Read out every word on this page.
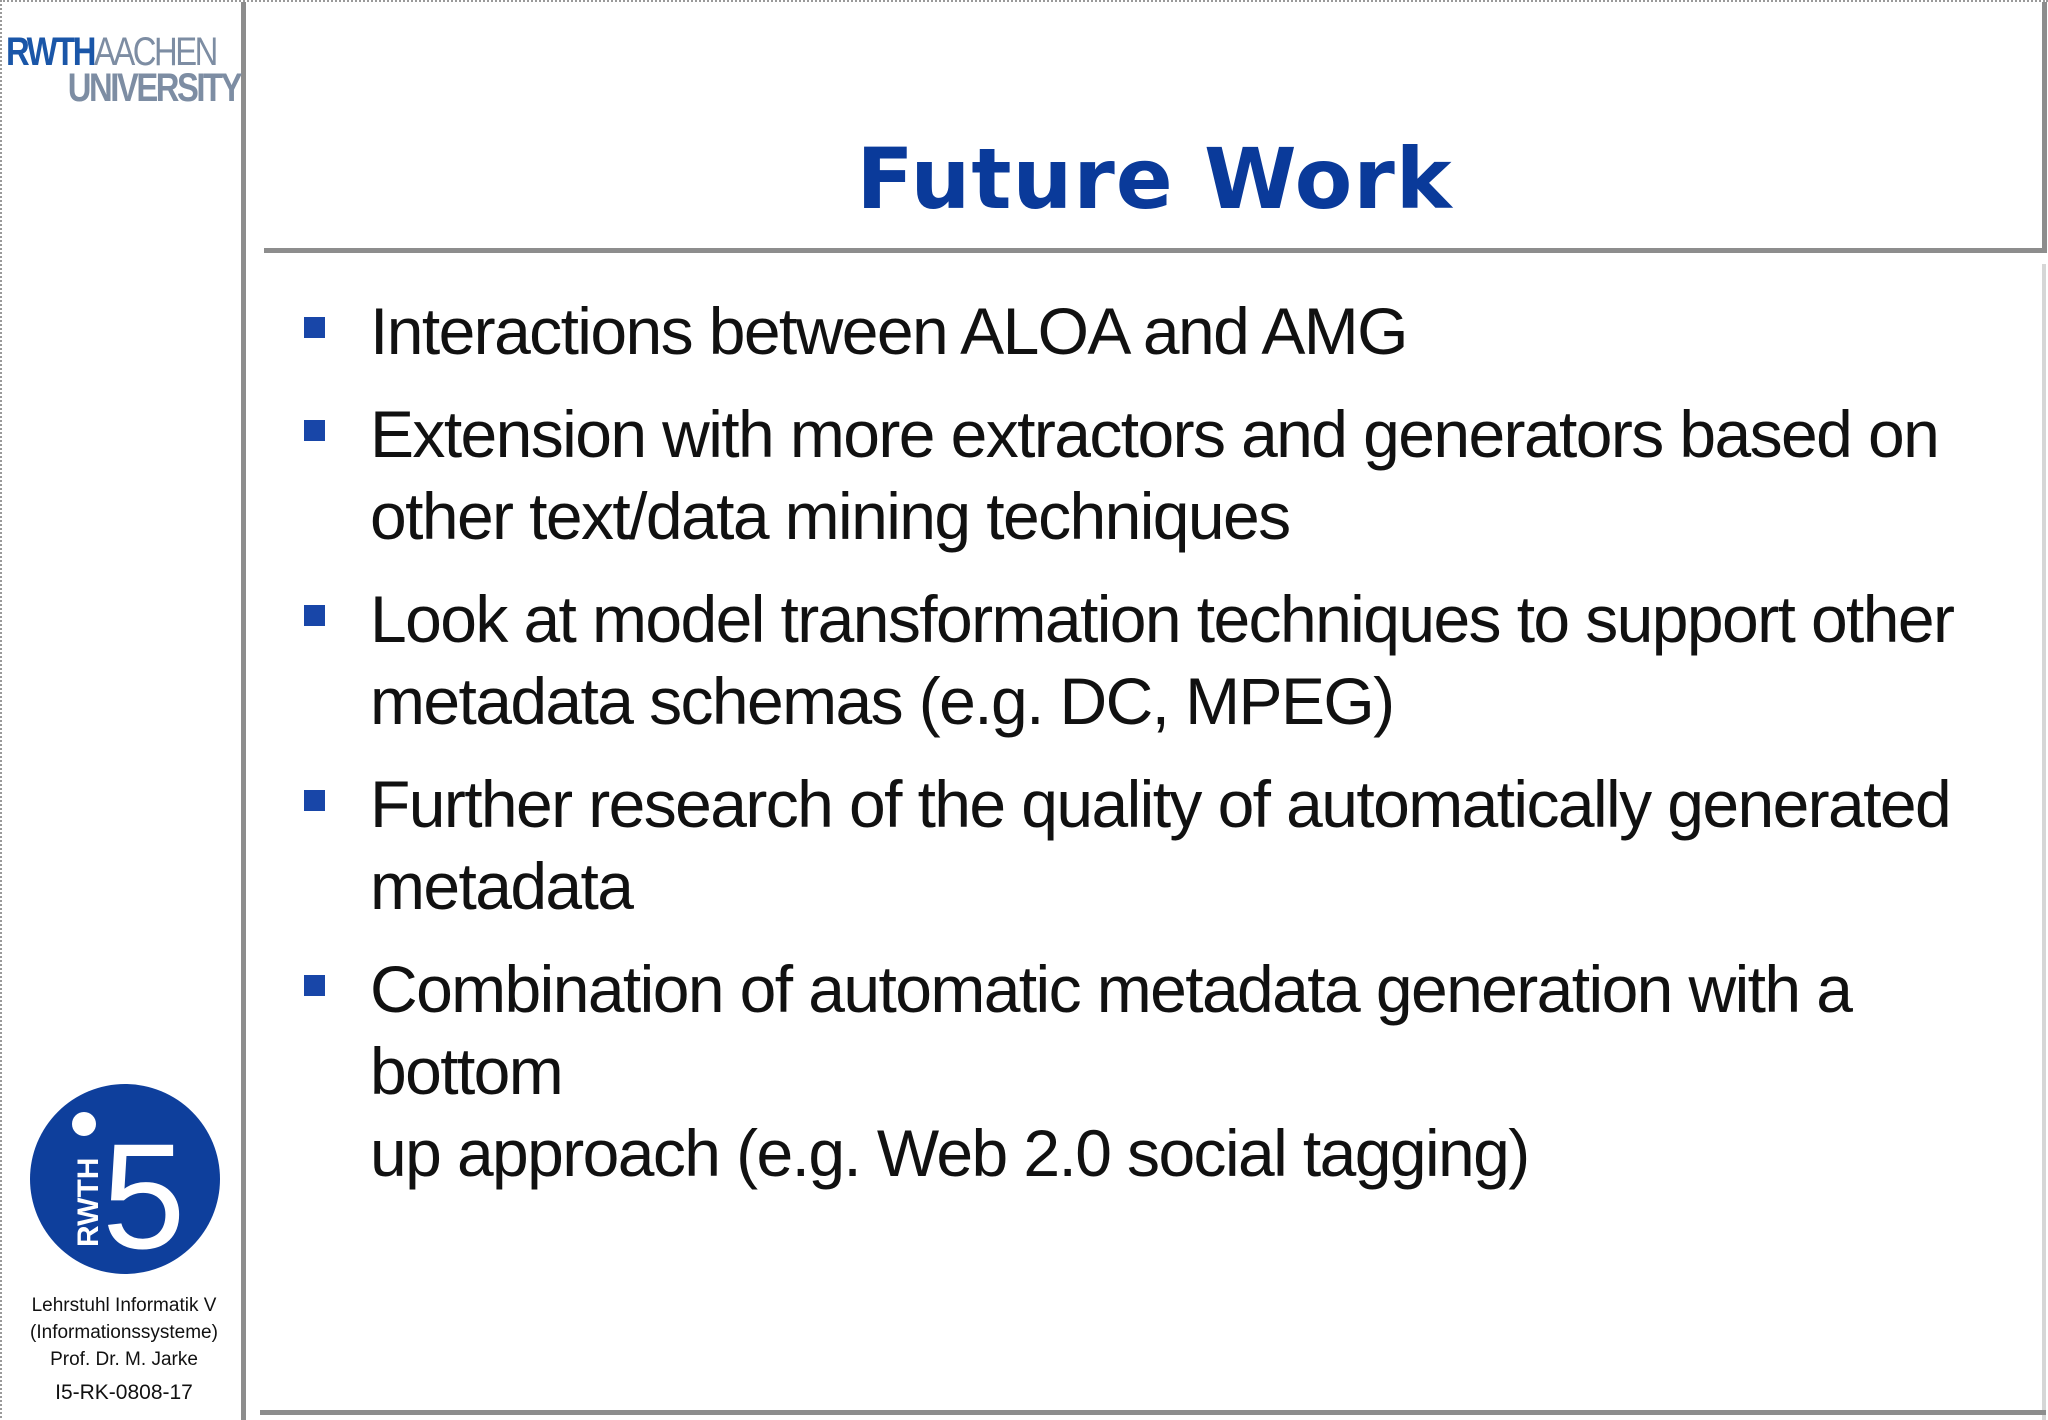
RWTHAACHEN
UNIVERSITY
RWTH
5
Lehrstuhl Informatik V
(Informationssysteme)
Prof. Dr. M. Jarke
I5-RK-0808-17
Future Work
Interactions between ALOA and AMG
Extension with more extractors and generators based on
other text/data mining techniques
Look at model transformation techniques to support other
metadata schemas (e.g. DC, MPEG)
Further research of the quality of automatically generated
metadata
Combination of automatic metadata generation with a bottom
up approach (e.g. Web 2.0 social tagging)
